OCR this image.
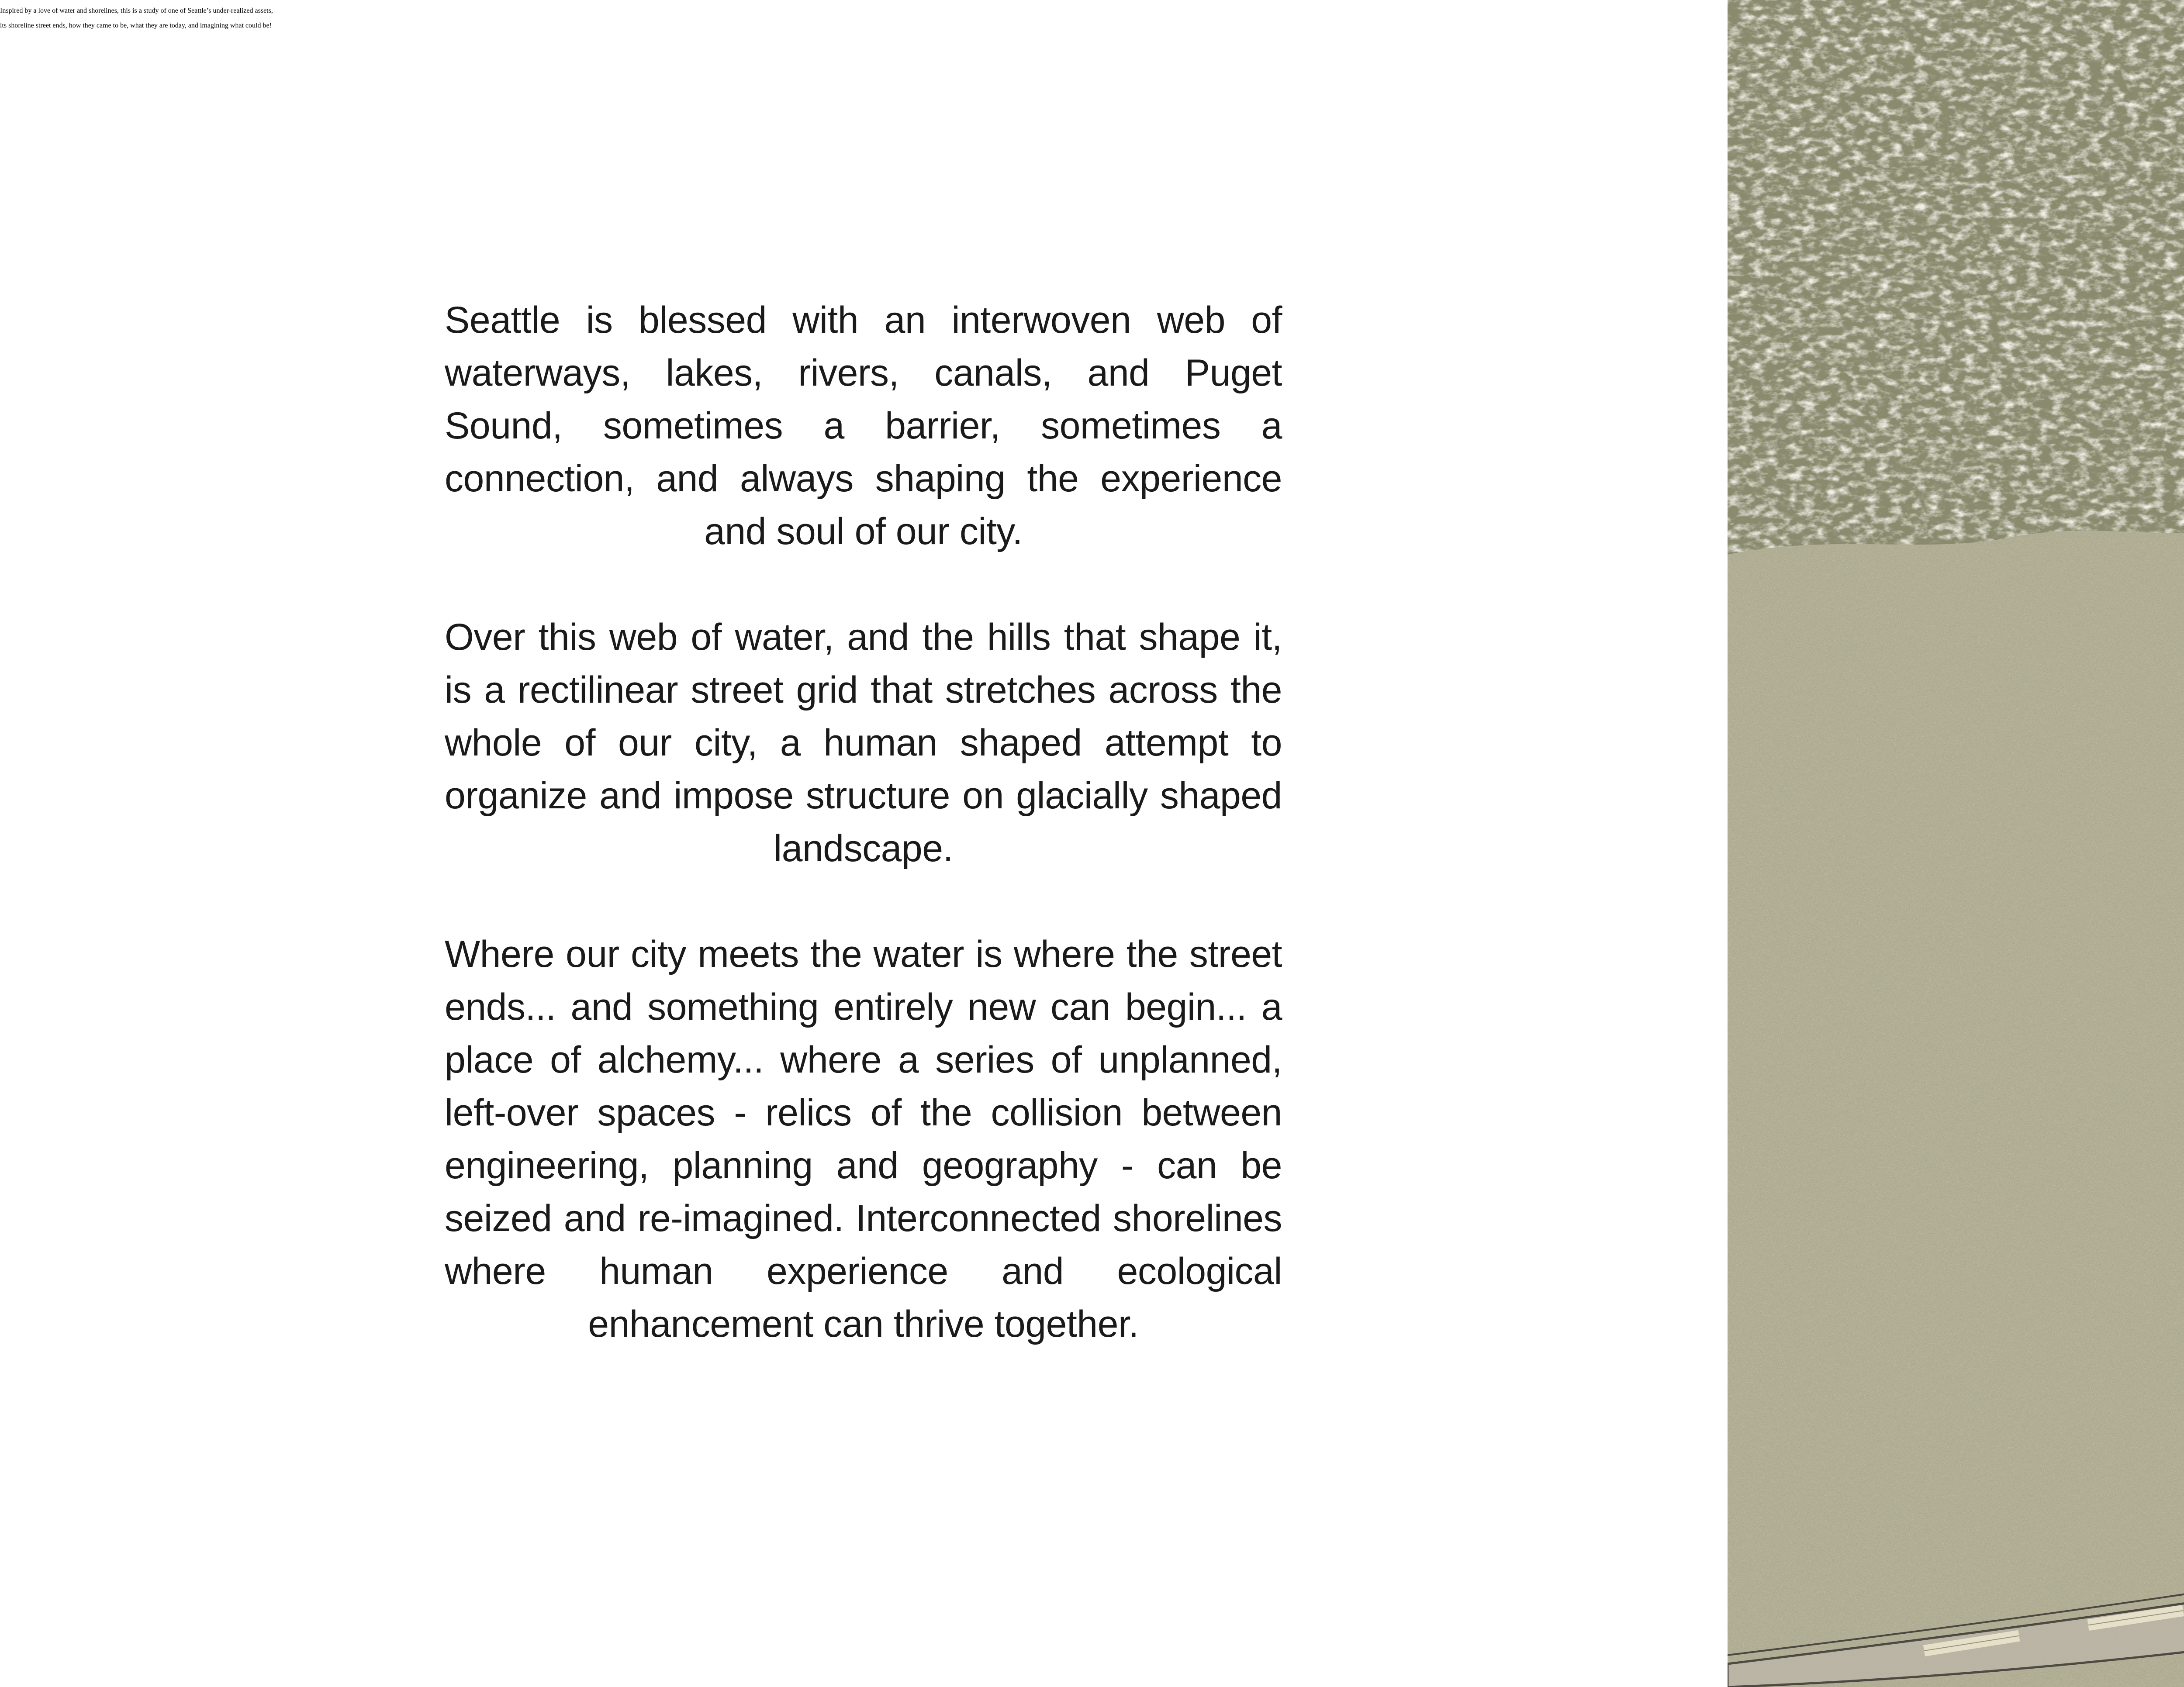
Seattle is blessed with an interwoven web of waterways, lakes, rivers, canals, and Puget Sound, sometimes a barrier, sometimes a connection, and always shaping the experience and soul of our city.

Over this web of water, and the hills that shape it, is a rectilinear street grid that stretches across the whole of our city, a human shaped attempt to organize and impose structure on glacially shaped landscape.

Where our city meets the water is where the street ends... and something entirely new can begin... a place of alchemy... where a series of unplanned, left-over spaces - relics of the collision between engineering, planning and geography - can be seized and re-imagined. Interconnected shorelines where human experience and ecological enhancement can thrive together.

Inspired by a love of water and shorelines, this is a study of one of Seattle’s under-realized assets,

its shoreline street ends, how they came to be, what they are today, and imagining what could be!
